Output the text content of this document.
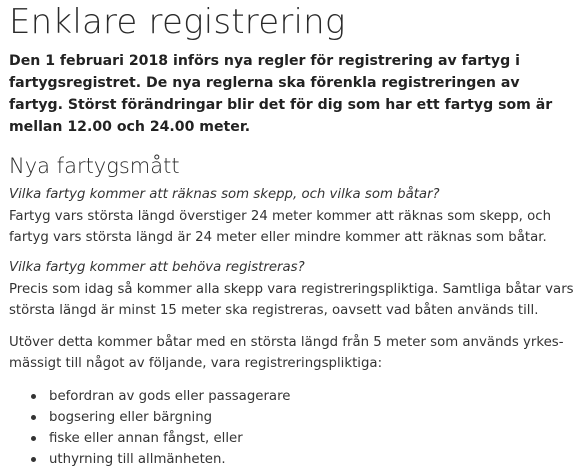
Enklare registrering

Den 1 februari 2018 införs nya regler för registrering av fartyg i fartygsregistret. De nya reglerna ska förenkla registreringen av fartyg. Störst förändringar blir det för dig som har ett fartyg som är mellan 12.00 och 24.00 meter.

Nya fartygsmått

Vilka fartyg kommer att räknas som skepp, och vilka som båtar?

Fartyg vars största längd överstiger 24 meter kommer att räknas som skepp, och fartyg vars största längd är 24 meter eller mindre kommer att räknas som båtar.

Vilka fartyg kommer att behöva registreras?

Precis som idag så kommer alla skepp vara registreringspliktiga. Samtliga båtar vars största längd är minst 15 meter ska registreras, oavsett vad båten används till.

Utöver detta kommer båtar med en största längd från 5 meter som används yrkesmässigt till något av följande, vara registreringspliktiga:

befordran av gods eller passagerare
bogsering eller bärgning
fiske eller annan fångst, eller
uthyrning till allmänheten.
